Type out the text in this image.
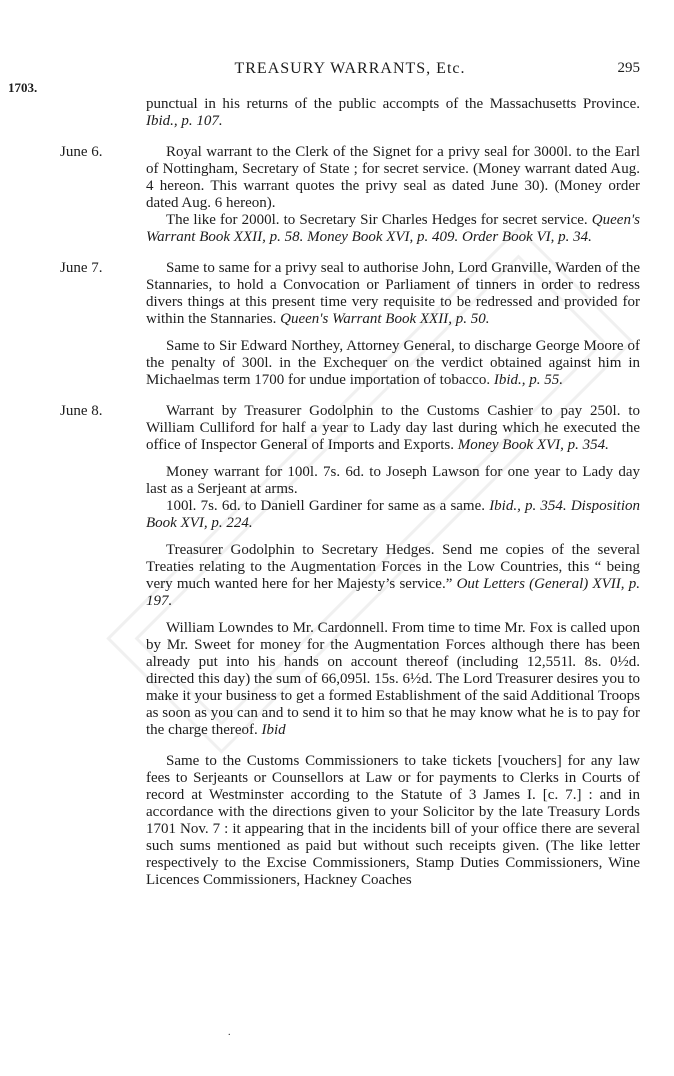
TREASURY WARRANTS, Etc.	295
1703.

punctual in his returns of the public accompts of the Massachusetts Province. Ibid., p. 107.

June 6.	Royal warrant to the Clerk of the Signet for a privy seal for 3000l. to the Earl of Nottingham, Secretary of State ; for secret service. (Money warrant dated Aug. 4 hereon. This warrant quotes the privy seal as dated June 30). (Money order dated Aug. 6 hereon).

The like for 2000l. to Secretary Sir Charles Hedges for secret service. Queen's Warrant Book XXII, p. 58. Money Book XVI, p. 409. Order Book VI, p. 34.

June 7.	Same to same for a privy seal to authorise John, Lord Granville, Warden of the Stannaries, to hold a Convocation or Parliament of tinners in order to redress divers things at this present time very requisite to be redressed and provided for within the Stannaries. Queen's Warrant Book XXII, p. 50.

Same to Sir Edward Northey, Attorney General, to discharge George Moore of the penalty of 300l. in the Exchequer on the verdict obtained against him in Michaelmas term 1700 for undue importation of tobacco. Ibid., p. 55.

June 8.	Warrant by Treasurer Godolphin to the Customs Cashier to pay 250l. to William Culliford for half a year to Lady day last during which he executed the office of Inspector General of Imports and Exports. Money Book XVI, p. 354.

Money warrant for 100l. 7s. 6d. to Joseph Lawson for one year to Lady day last as a Serjeant at arms.

100l. 7s. 6d. to Daniell Gardiner for same as a same. Ibid., p. 354. Disposition Book XVI, p. 224.

Treasurer Godolphin to Secretary Hedges. Send me copies of the several Treaties relating to the Augmentation Forces in the Low Countries, this “ being very much wanted here for her Majesty’s service.” Out Letters (General) XVII, p. 197.

William Lowndes to Mr. Cardonnell. From time to time Mr. Fox is called upon by Mr. Sweet for money for the Augmentation Forces although there has been already put into his hands on account thereof (including 12,551l. 8s. 0½d. directed this day) the sum of 66,095l. 15s. 6½d. The Lord Treasurer desires you to make it your business to get a formed Establishment of the said Additional Troops as soon as you can and to send it to him so that he may know what he is to pay for the charge thereof. Ibid

Same to the Customs Commissioners to take tickets [vouchers] for any law fees to Serjeants or Counsellors at Law or for payments to Clerks in Courts of record at Westminster according to the Statute of 3 James I. [c. 7.] : and in accordance with the directions given to your Solicitor by the late Treasury Lords 1701 Nov. 7 : it appearing that in the incidents bill of your office there are several such sums mentioned as paid but without such receipts given. (The like letter respectively to the Excise Commissioners, Stamp Duties Commissioners, Wine Licences Commissioners, Hackney Coaches

.
